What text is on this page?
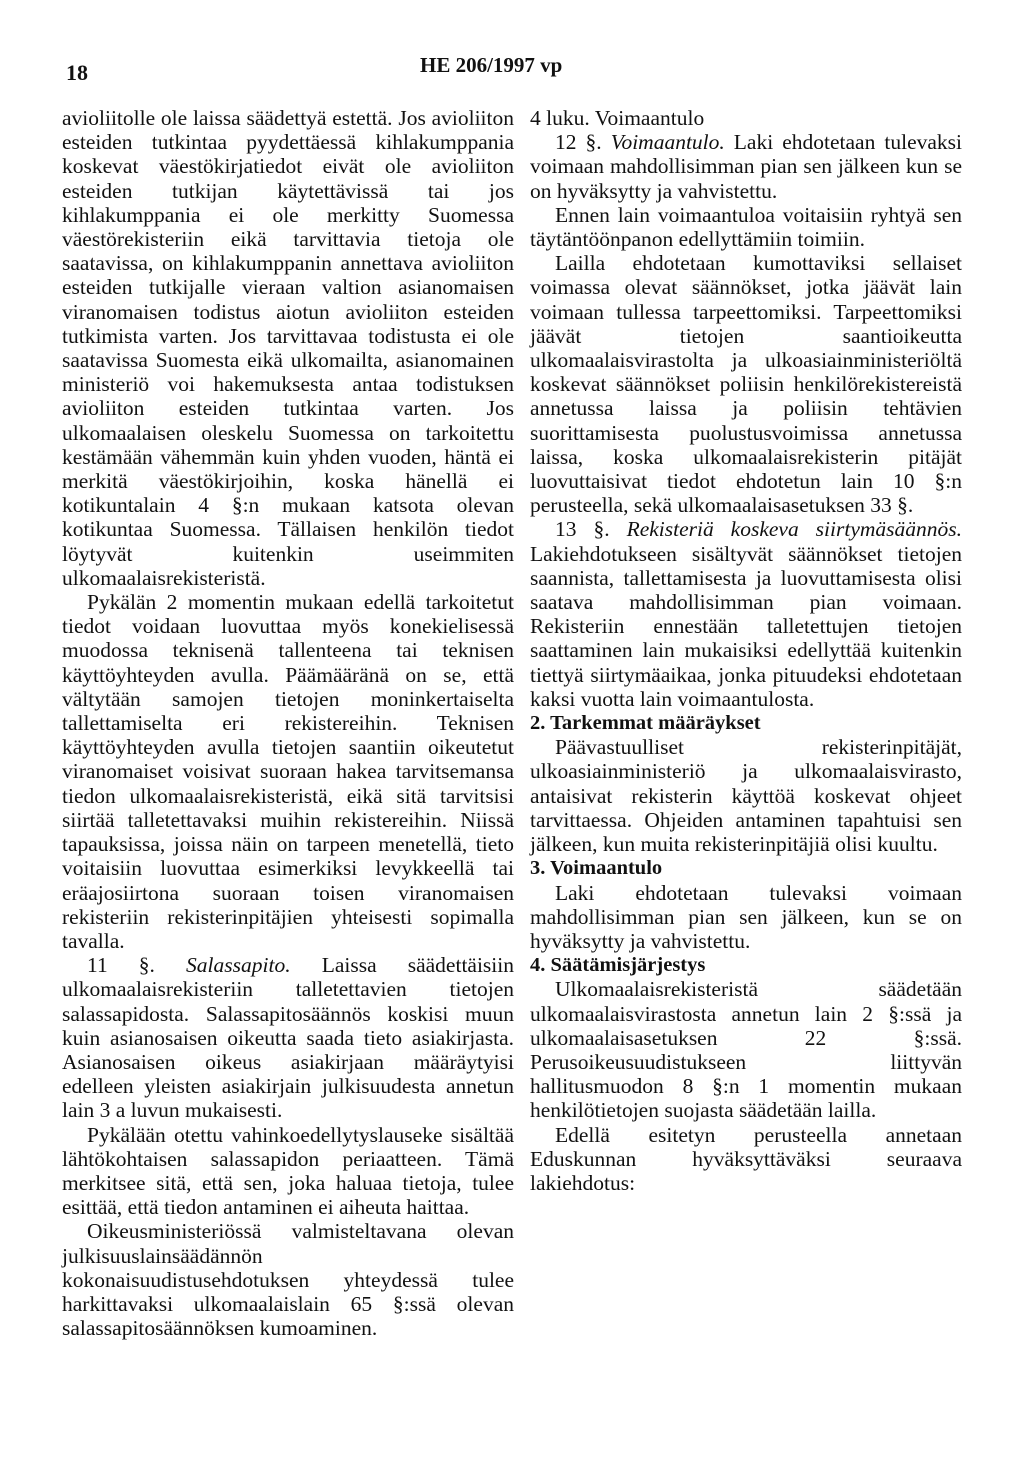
18	HE 206/1997 vp

avioliitolle ole laissa säädettyä estettä. Jos avioliiton esteiden tutkintaa pyydettäessä kihlakumppania koskevat väestökirjatiedot eivät ole avioliiton esteiden tutkijan käytettävissä tai jos kihlakumppania ei ole merkitty Suomessa väestörekisteriin eikä tarvittavia tietoja ole saatavissa, on kihlakumppanin annettava avioliiton esteiden tutkijalle vieraan valtion asianomaisen viranomaisen todistus aiotun avioliiton esteiden tutkimista varten. Jos tarvittavaa todistusta ei ole saatavissa Suomesta eikä ulkomailta, asianomainen ministeriö voi hakemuksesta antaa todistuksen avioliiton esteiden tutkintaa varten. Jos ulkomaalaisen oleskelu Suomessa on tarkoitettu kestämään vähemmän kuin yhden vuoden, häntä ei merkitä väestökirjoihin, koska hänellä ei kotikuntalain 4 §:n mukaan katsota olevan kotikuntaa Suomessa. Tällaisen henkilön tiedot löytyvät kuitenkin useimmiten ulkomaalaisrekisteristä.

Pykälän 2 momentin mukaan edellä tarkoitetut tiedot voidaan luovuttaa myös konekielisessä muodossa teknisenä tallenteena tai teknisen käyttöyhteyden avulla. Päämääränä on se, että vältytään samojen tietojen moninkertaiselta tallettamiselta eri rekistereihin. Teknisen käyttöyhteyden avulla tietojen saantiin oikeutetut viranomaiset voisivat suoraan hakea tarvitsemansa tiedon ulkomaalaisrekisteristä, eikä sitä tarvitsisi siirtää talletettavaksi muihin rekistereihin. Niissä tapauksissa, joissa näin on tarpeen menetellä, tieto voitaisiin luovuttaa esimerkiksi levykkeellä tai eräajosiirtona suoraan toisen viranomaisen rekisteriin rekisterinpitäjien yhteisesti sopimalla tavalla.

11 §. Salassapito. Laissa säädettäisiin ulkomaalaisrekisteriin talletettavien tietojen salassapidosta. Salassapitosäännös koskisi muun kuin asianosaisen oikeutta saada tieto asiakirjasta. Asianosaisen oikeus asiakirjaan määräytyisi edelleen yleisten asiakirjain julkisuudesta annetun lain 3 a luvun mukaisesti.

Pykälään otettu vahinkoedellytyslauseke sisältää lähtökohtaisen salassapidon periaatteen. Tämä merkitsee sitä, että sen, joka haluaa tietoja, tulee esittää, että tiedon antaminen ei aiheuta haittaa.

Oikeusministeriössä valmisteltavana olevan julkisuuslainsäädännön kokonaisuudistusehdotuksen yhteydessä tulee harkittavaksi ulkomaalaislain 65 §:ssä olevan salassapitosäännöksen kumoaminen.

4 luku. Voimaantulo

12 §. Voimaantulo. Laki ehdotetaan tulevaksi voimaan mahdollisimman pian sen jälkeen kun se on hyväksytty ja vahvistettu.

Ennen lain voimaantuloa voitaisiin ryhtyä sen täytäntöönpanon edellyttämiin toimiin.

Lailla ehdotetaan kumottaviksi sellaiset voimassa olevat säännökset, jotka jäävät lain voimaan tullessa tarpeettomiksi. Tarpeettomiksi jäävät tietojen saantioikeutta ulkomaalaisvirastolta ja ulkoasiainministeriöltä koskevat säännökset poliisin henkilörekistereistä annetussa laissa ja poliisin tehtävien suorittamisesta puolustusvoimissa annetussa laissa, koska ulkomaalaisrekisterin pitäjät luovuttaisivat tiedot ehdotetun lain 10 §:n perusteella, sekä ulkomaalaisasetuksen 33 §.

13 §. Rekisteriä koskeva siirtymäsäännös. Lakiehdotukseen sisältyvät säännökset tietojen saannista, tallettamisesta ja luovuttamisesta olisi saatava mahdollisimman pian voimaan. Rekisteriin ennestään talletettujen tietojen saattaminen lain mukaisiksi edellyttää kuitenkin tiettyä siirtymäaikaa, jonka pituudeksi ehdotetaan kaksi vuotta lain voimaantulosta.

2. Tarkemmat määräykset

Päävastuulliset rekisterinpitäjät, ulkoasiainministeriö ja ulkomaalaisvirasto, antaisivat rekisterin käyttöä koskevat ohjeet tarvittaessa. Ohjeiden antaminen tapahtuisi sen jälkeen, kun muita rekisterinpitäjiä olisi kuultu.

3. Voimaantulo

Laki ehdotetaan tulevaksi voimaan mahdollisimman pian sen jälkeen, kun se on hyväksytty ja vahvistettu.

4. Säätämisjärjestys

Ulkomaalaisrekisteristä säädetään ulkomaalaisvirastosta annetun lain 2 §:ssä ja ulkomaalaisasetuksen 22 §:ssä. Perusoikeusuudistukseen liittyvän hallitusmuodon 8 §:n 1 momentin mukaan henkilötietojen suojasta säädetään lailla.

Edellä esitetyn perusteella annetaan Eduskunnan hyväksyttäväksi seuraava lakiehdotus:
